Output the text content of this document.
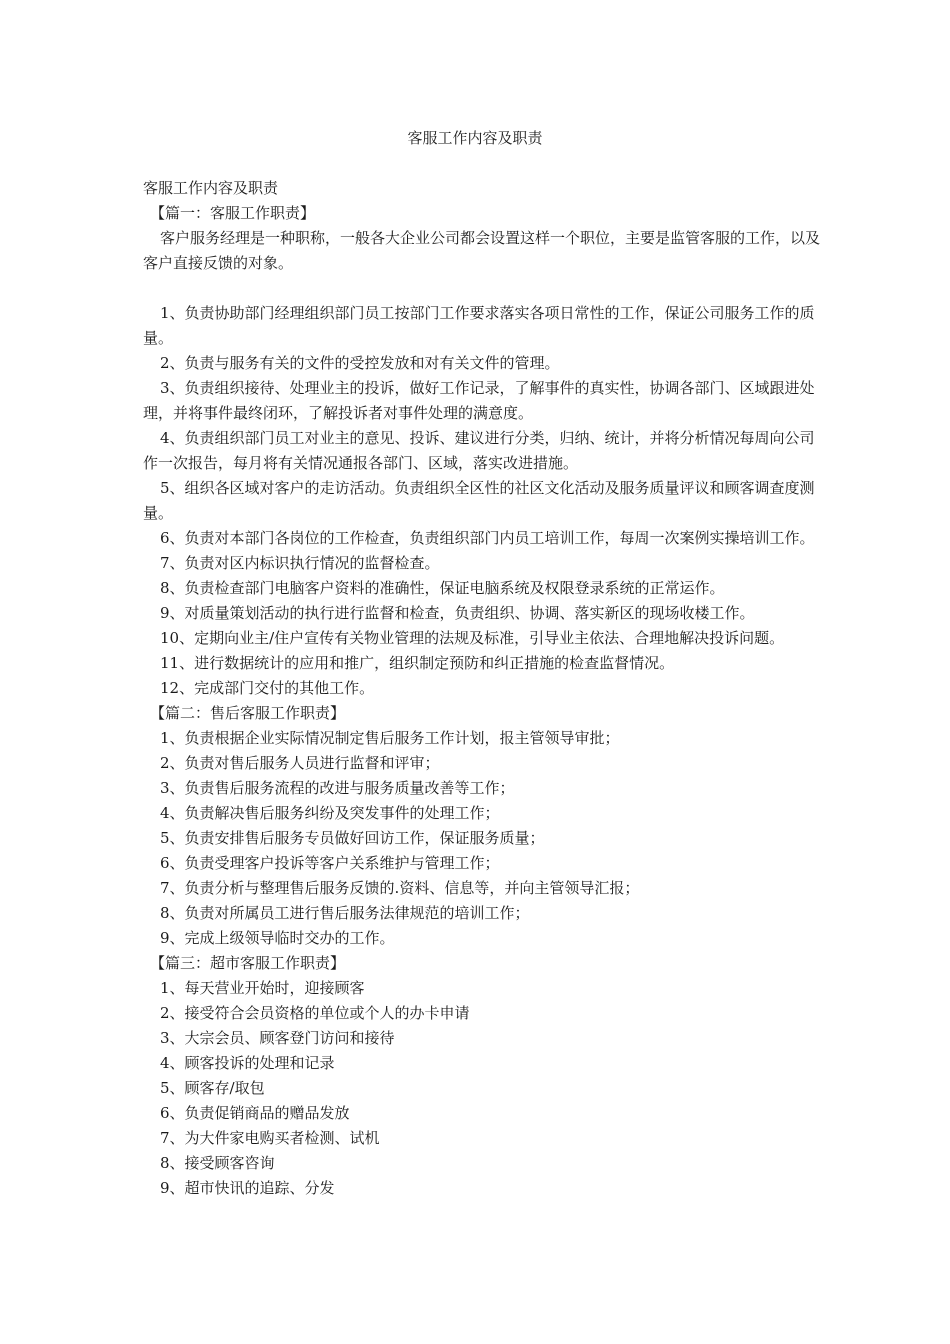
客服工作内容及职责

客服工作内容及职责

【篇一：客服工作职责】

客户服务经理是一种职称，一般各大企业公司都会设置这样一个职位，主要是监管客服的工作，以及客户直接反馈的对象。

1、负责协助部门经理组织部门员工按部门工作要求落实各项日常性的工作，保证公司服务工作的质量。

2、负责与服务有关的文件的受控发放和对有关文件的管理。

3、负责组织接待、处理业主的投诉，做好工作记录，了解事件的真实性，协调各部门、区域跟进处理，并将事件最终闭环，了解投诉者对事件处理的满意度。

4、负责组织部门员工对业主的意见、投诉、建议进行分类，归纳、统计，并将分析情况每周向公司作一次报告，每月将有关情况通报各部门、区域，落实改进措施。

5、组织各区域对客户的走访活动。负责组织全区性的社区文化活动及服务质量评议和顾客调查度测量。

6、负责对本部门各岗位的工作检查，负责组织部门内员工培训工作，每周一次案例实操培训工作。

7、负责对区内标识执行情况的监督检查。

8、负责检查部门电脑客户资料的准确性，保证电脑系统及权限登录系统的正常运作。

9、对质量策划活动的执行进行监督和检查，负责组织、协调、落实新区的现场收楼工作。

10、定期向业主/住户宣传有关物业管理的法规及标准，引导业主依法、合理地解决投诉问题。

11、进行数据统计的应用和推广，组织制定预防和纠正措施的检查监督情况。

12、完成部门交付的其他工作。

【篇二：售后客服工作职责】

1、负责根据企业实际情况制定售后服务工作计划，报主管领导审批；

2、负责对售后服务人员进行监督和评审；

3、负责售后服务流程的改进与服务质量改善等工作；

4、负责解决售后服务纠纷及突发事件的处理工作；

5、负责安排售后服务专员做好回访工作，保证服务质量；

6、负责受理客户投诉等客户关系维护与管理工作；

7、负责分析与整理售后服务反馈的.资料、信息等，并向主管领导汇报；

8、负责对所属员工进行售后服务法律规范的培训工作；

9、完成上级领导临时交办的工作。

【篇三：超市客服工作职责】

1、每天营业开始时，迎接顾客

2、接受符合会员资格的单位或个人的办卡申请

3、大宗会员、顾客登门访问和接待

4、顾客投诉的处理和记录

5、顾客存/取包

6、负责促销商品的赠品发放

7、为大件家电购买者检测、试机

8、接受顾客咨询

9、超市快讯的追踪、分发
